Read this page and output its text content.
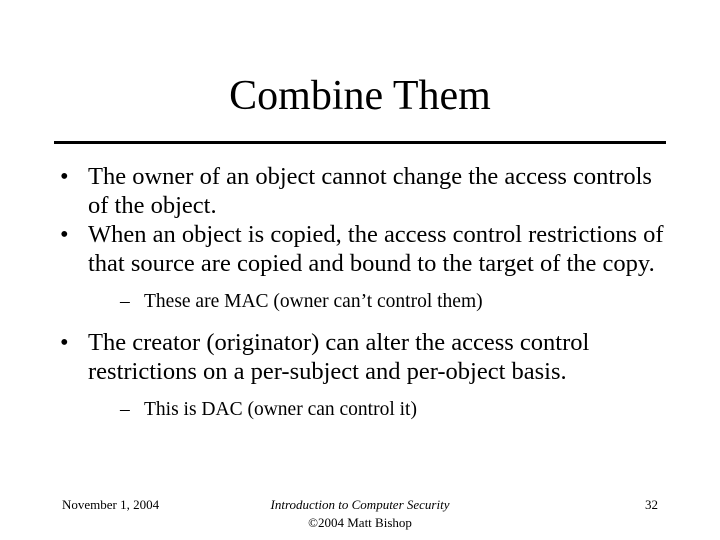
Combine Them

• The owner of an object cannot change the access controls of the object.

• When an object is copied, the access control restrictions of that source are copied and bound to the target of the copy.

– These are MAC (owner can’t control them)

• The creator (originator) can alter the access control restrictions on a per-subject and per-object basis.

– This is DAC (owner can control it)

November 1, 2004	Introduction to Computer Security
©2004 Matt Bishop
32
